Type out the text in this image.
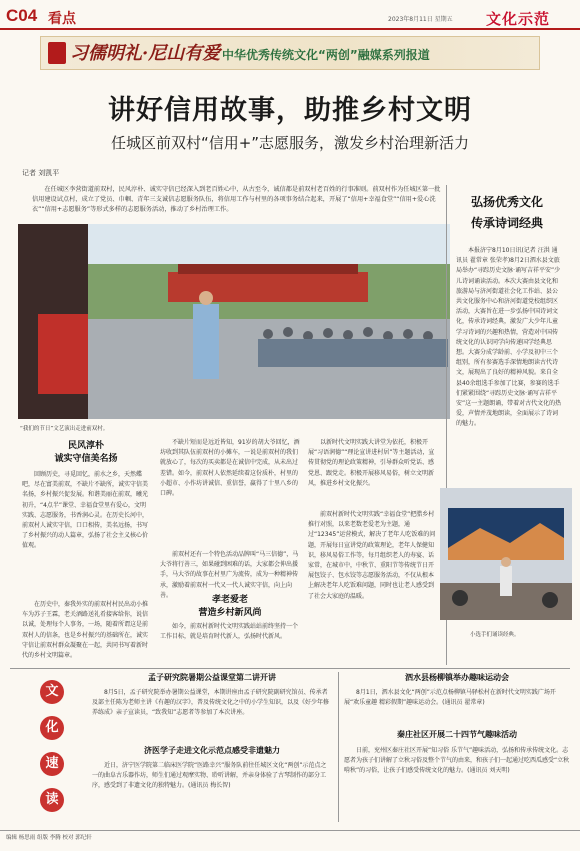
C04 看点	2023年8月11日 星期五 文化示范
习儒明礼·尼山有爱 中华优秀传统文化“两创”融媒系列报道
讲好信用故事，助推乡村文明
任城区前双村“信用+”志愿服务，激发乡村治理新活力
记者 刘凯平
在任城区李营街道前双村，民风淳朴、诚实守信已经深入到老百姓心中，从古至今，诚信都是前双村老百姓的行事准则。前双村作为任城区第一批信用建设试点村，成立了党员、巾帼、青年三支诚信志愿服务队伍，将信用工作与村里的各项事务结合起来，开展了“信用+幸福食堂”“信用+爱心洗衣”“信用+志愿服务”等形式多样的志愿服务活动，推动了乡村治理工作。
“我们的节日”文艺演出走进前双村。
民风淳朴
诚实守信美名扬
回顾历史，寻觅回忆，前水之乡，天然蝶吧，尽在富美前双，不缺片不缺所，诚实守信美名扬，乡村振兴促发展。和谐美丽在前双，曦光初升，“4点半”课堂、幸福食堂里有爱心，文明实践、志愿服务，书香润心灵。在历史长河中，前双村人诚实守信，口口相传，美名远扬，书写了乡村振兴的动人篇章，弘扬了社会主义核心价值观。
在历史中，秦我外实的前双村村民出动小推车为苏子王霖，老关酒路送礼肴接客给你，说信以诚，处理每个人事务，一场，随着所谓这是前双村人的信条，也是乡村振兴的基础所在，诚实守信让前双村群众凝聚在一起，共同书写着新时代的乡村文明篇章。
不缺片短而是远近皆知，91岁的胡大爷回忆，酒坊收到其队伍前双村的小摊车，一说是前双村的我们就放心了，每次的买卖都是在诚信中完成，从未出过差错。如今，前双村人依然延续着这份质朴，村里的小超市、小作坊讲诚信、重信誉，赢得了十里八乡的口碑。
前双村还有一个特色活动品牌叫“马三信德”，马大爷将行善三，如果碰到困难的话，大家都会伸出援手，马大爷的故事在村里广为流传，成为一种精神传承，激励着前双村一代又一代人诚实守信，向上向善。	孝老爱老
营造乡村新风尚
如今，前双村新时代文明实践站站前终坚持一个工作目标，就是培育时代新人，弘扬时代新风。
以新时代文明实践大讲堂为依托，积极开展“习语润德”“理论宣讲进村居”等主题活动，宣传贯彻党的理论政策精神，引导群众听党话、感党恩、跟党走。积极开展移风易俗，树立文明新风，推进乡村文化振兴。
前双村新时代文明实践“幸福食堂”把腊乡村推行对照，以来老数老爱老为主题，通过“12345”运营模式，解决了老年人吃饭难的问题，开展每日宣讲党的政策理论，老年人保健知识，移风易俗工作等，每月组织老人的寿宴、话家常，在城市中，中秋节、重阳节等传统节日开展包饺子、包水饺等志愿服务活动，不仅从根本上解决老年人吃饭难问题，同时也让老人感受到了社会大家庭的温暖。
弘扬优秀文化
传承诗词经典
本报济宁8月10日讯(记者 汪洪 通讯员 翟常章 张荣孝)8月2日泗水县文旅局举办“寻踪历史文脉·诵写吉祥平安”少儿诗词诵读活动。本次大赛由县文化和旅游局与济河街道社会化工作站、县公共文化服务中心和济河街道党校组织区活动，大赛旨在进一步弘扬中国诗词文化，传承诗词经典，激发广大少年儿童学习诗词的兴趣和热情，营造对中国传统文化的认识同学向传递国学经典思想。大赛分成学龄前、小学及初中三个组别，所有参赛选手深情地朗读古代诗文，展现出了良好的精神风貌。来自全县40余组选手参加了比赛，参赛的选手们紧紧围绕“寻踪历史文脉·诵写吉祥平安”这一主题朗诵，带着对古代文化的热爱，声情并茂地朗读，全面展示了诗词的魅力。
小选手们诵读经典。
文
化
速
读
孟子研究院暑期公益课堂第二讲开讲
8月5日，孟子研究院举办暑期公益课堂，本期讲座由孟子研究院副研究馆员、传承者及部主任陈为老师主讲《有趣的汉字》，普及传统文化之中的小学生知识，以及《好少年修养练成》亲子宣读员，“致我知”志愿者等参加了本次讲座。
济医学子走进文化示范点感受非遗魅力
近日，济宁医学院第二临床医学院“医路幸兴”服务队前往任城区文化“两创”示范点之一的曲阜古乐器作坊，师生们通过观摩实物、聆听讲解，并亲身体验了古琴制作的部分工序，感受到了非遗文化的独特魅力。(通讯员 梅长智)
泗水县杨柳镇举办趣味运动会
8月1日，泗水县文化“两创”示范点杨柳镇马驿松村在新时代文明实践广场开展“欢乐童趣 精彩假期”趣味运动会。(通讯员 翟常章)
秦庄社区开展二十四节气趣味活动
日前，兖州区秦庄社区开展“知习俗 乐节气”趣味活动，弘扬和传承传统文化。志愿者为孩子们讲解了立秋习俗及整个节气的由来，和孩子们一起通过吃西瓜感受“立秋啃秋”的习俗，让孩子们感受传统文化的魅力。(通讯员 刘天明)
编辑 杨思雨 组版 李腾 校对 郭纪轩
